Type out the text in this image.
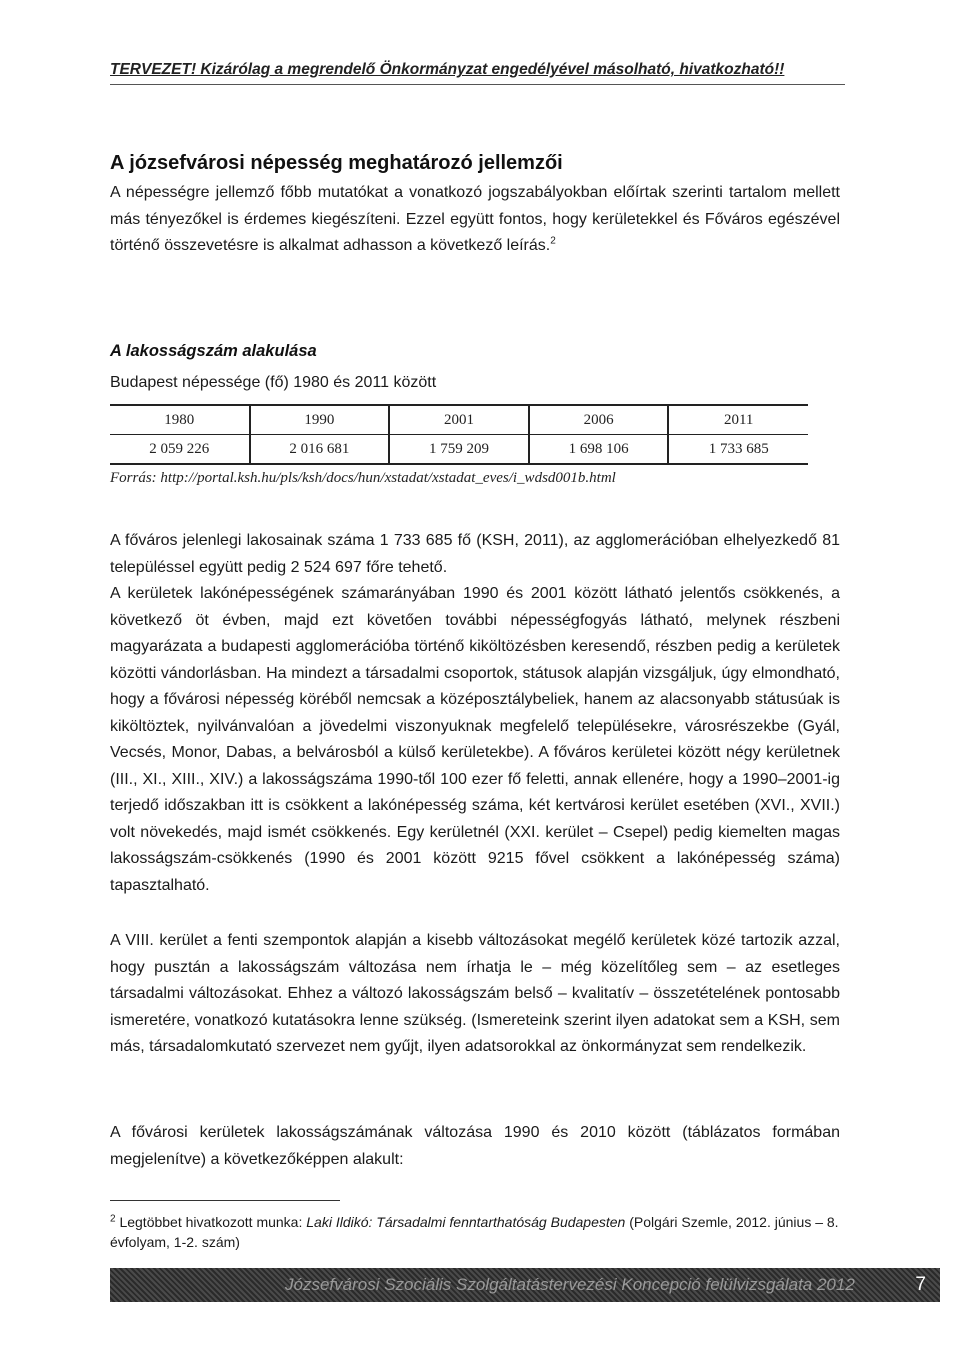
TERVEZET! Kizárólag a megrendelő Önkormányzat engedélyével másolható, hivatkozható!!
A józsefvárosi népesség meghatározó jellemzői

A népességre jellemző főbb mutatókat a vonatkozó jogszabályokban előírtak szerinti tartalom mellett más tényezőkel is érdemes kiegészíteni. Ezzel együtt fontos, hogy kerületekkel és Főváros egészével történő összevetésre is alkalmat adhasson a következő leírás.$^2$

A lakosságszám alakulása

Budapest népessége (fő) 1980 és 2011 között

1980	1990	2001	2006	2011
2 059 226	2 016 681	1 759 209	1 698 106	1 733 685

Forrás: http://portal.ksh.hu/pls/ksh/docs/hun/xstadat/xstadat_eves/i_wdsd001b.html

A főváros jelenlegi lakosainak száma 1 733 685 fő (KSH, 2011), az agglomerációban elhelyezkedő 81 településsel együtt pedig 2 524 697 főre tehető.

A kerületek lakónépességének számarányában 1990 és 2001 között látható jelentős csökkenés, a következő öt évben, majd ezt követően további népességfogyás látható, melynek részbeni magyarázata a budapesti agglomerációba történő kiköltözésben keresendő, részben pedig a kerületek közötti vándorlásban. Ha mindezt a társadalmi csoportok, státusok alapján vizsgáljuk, úgy elmondható, hogy a fővárosi népesség köréből nemcsak a középosztálybeliek, hanem az alacsonyabb státusúak is kiköltöztek, nyilvánvalóan a jövedelmi viszonyuknak megfelelő településekre, városrészekbe (Gyál, Vecsés, Monor, Dabas, a belvárosból a külső kerületekbe). A főváros kerületei között négy kerületnek (III., XI., XIII., XIV.) a lakosságszáma 1990-től 100 ezer fő feletti, annak ellenére, hogy a 1990–2001-ig terjedő időszakban itt is csökkent a lakónépesség száma, két kertvárosi kerület esetében (XVI., XVII.) volt növekedés, majd ismét csökkenés. Egy kerületnél (XXI. kerület – Csepel) pedig kiemelten magas lakosságszám-csökkenés (1990 és 2001 között 9215 fővel csökkent a lakónépesség száma) tapasztalható.

A VIII. kerület a fenti szempontok alapján a kisebb változásokat megélő kerületek közé tartozik azzal, hogy pusztán a lakosságszám változása nem írhatja le – még közelítőleg sem – az esetleges társadalmi változásokat. Ehhez a változó lakosságszám belső – kvalitatív – összetételének pontosabb ismeretére, vonatkozó kutatásokra lenne szükség. (Ismereteink szerint ilyen adatokat sem a KSH, sem más, társadalomkutató szervezet nem gyűjt, ilyen adatsorokkal az önkormányzat sem rendelkezik.

A fővárosi kerületek lakosságszámának változása 1990 és 2010 között (táblázatos formában megjelenítve) a következőképpen alakult:

$^2$ Legtöbbet hivatkozott munka: Laki Ildikó: Társadalmi fenntarthatóság Budapesten (Polgári Szemle, 2012. június – 8. évfolyam, 1-2. szám)

Józsefvárosi Szociális Szolgáltatástervezési Koncepció felülvizsgálata 2012	7
